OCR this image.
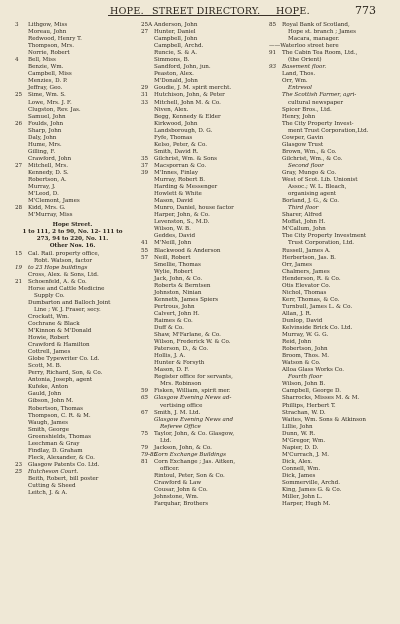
HOPE. STREET DIRECTORY. HOPE.	773
3 Lithgow, Miss
Moreau, John
Redwood, Henry T.
Thompson, Mrs.
Norrie, Robert
4 Bell, Miss
Benzie, Wm.
Campbell, Miss
Menzies, D. P.
Jeffray, Geo.
25 Sime, Wm. S.
Lowe, Mrs. J. F.
Clugston, Rev. Jas.
Samuel, John
26 Foulds, John
Sharp, John
Daly, John
Hume, Mrs.
Gilling, F.
Crawford, John
27 Mitchell, Mrs.
Kennedy, D. S.
Robertson, A.
Murray, J.
M'Leod, D.
M'Clemont, James
28 Kidd, Mrs. G.
M'Murray, Miss
Hope Street.
1 to 111, 2 to 90, No. 12- 111 to
273, 94 to 220, No. 11.
Other Nos. 16.
15 Cal. Rail. property office,
Robt. Watson, factor
19 to 23 Hope buildings
Cross, Alex. & Sons, Ltd.
21 Schoenfeld, A. & Co.
Horse and Cattle Medicine
Supply Co.
Dumbarton and Balloch Joint
Line ; W. J. Fraser, secy.
Crockatt, Wm.
Cochrane & Black
M'Kinnon & M'Donald
Howie, Robert
Crawford & Hamilton
Cottrell, James
Globe Typewriter Co. Ld.
Scott, M. B.
Perry, Richard, Son, & Co.
Antonia, Joseph, agent
Kufeke, Anton
Gauld, John
Gibson, John M.
Robertson, Thomas
Thompson, C. R. & M.
Waugh, James
Smith, George
Greenshields, Thomas
Leechman & Gray
Findlay, D. Graham
Fleck, Alexander, & Co.
23 Glasgow Patents Co. Ltd.
25 Hutcheson Court.
Beith, Robert, bill poster
Cutting & Sheed
Leitch, J. & A.
25A Anderson, John
27 Hunter, Daniel
Campbell, John
Campbell, Archd.
Runcie, S. & A.
Simmons, B.
Sandford, John, jun.
Peaston, Alex.
M'Donald, John
29 Goudie, J. M. spirit mercht.
31 Hutchison, John, & Peter
33 Mitchell, John M. & Co.
Niven, Alex.
Begg, Kennedy & Elder
Kirkwood, John
Landsborough, D. G.
Fyfe, Thomas
Kelso, Peter, & Co.
Smith, David R.
35 Gilchrist, Wm. & Sons
37 Macsporran & Co.
39 M'Innes, Finlay
Murray, Robert B.
Harding & Messenger
Howlett & White
Mason, David
Munro, Daniel, house factor
Harper, John, & Co.
Levenston, S., M.D.
Wilson, W. B.
Geddes, David
41 M'Neill, John
55 Blackwood & Anderson
57 Neill, Robert
Smellie, Thomas
Wylie, Robert
Jack, John, & Co.
Roberts & Berntsen
Johnston, Ninian
Kenneth, James Spiers
Pertrous, John
Calvert, John H.
Raimes & Co.
Duff & Co.
Shaw, M'Farlane, & Co.
Wilson, Frederick W. & Co.
Paterson, D., & Co.
Hollis, J. A.
Hunter & Forsyth
Mason, D. F.
Register office for servants,
Mrs. Robinson
59 Fisken, William, spirit mer.
65 Glasgow Evening News ad-
vertising office
67 Smith, J. M. Ltd.
Glasgow Evening News and
Referee Office
75 Taylor, John, & Co. Glasgow,
Ltd.
79 Jackson, John, & Co.
79-85Corn Exchange Buildings
81 Corn Exchange ; Jas. Aitken,
officer.
Rintoul, Peter, Son & Co.
Crawford & Law
Cousar, John & Co.
Johnstone, Wm.
Farquhar, Brothers
85 Royal Bank of Scotland,
Hope st. branch ; James
Macara, manager.
——Waterloo street here
91 The Cabin Tea Room, Ltd.,
(the Orient)
93 Basement floor.
Land, Thos.
Orr, Wm.
Entresol
The Scottish Farmer, agri-
cultural newspaper
Spicer Bros., Ltd.
Henry, John
The City Property Invest-
ment Trust Corporation,Ltd.
Cowper, Gavin
Glasgow Trust
Brown, Wm., & Co.
Gilchrist, Wm., & Co.
Second floor
Gray, Mungo & Co.
West of Scot. Lib. Unionist
Assoc.; W. L. Bleach,
organising agent
Borland, J. G., & Co.
Third floor
Sharer, Alfred
Moffat, John H.
M'Callum, John
The City Property Investment
Trust Corporation, Ltd.
Russell, James A.
Herbertson, Jas. B.
Orr, James
Chalmers, James
Henderson, R. & Co.
Otis Elevator Co.
Nichol, Thomas
Kerr, Thomas, & Co.
Turnbull, James L. & Co.
Allan, J. R.
Dunlop, David
Kelvinside Brick Co. Ltd.
Murray, W. G. G.
Reid, John
Robertson, John
Broom, Thos. M.
Watson & Co.
Alloa Glass Works Co.
Fourth floor
Wilson, John B.
Campbell, George D.
Sharrocks, Misses M. & M.
Phillips, Herbert T.
Strachan, W. D.
Waites, Wm. Sons & Atkinson
Lillie, John
Dunn, W. R.
M'Gregor, Wm.
Napier, D. D.
M'Currach, J. M.
Dick, Alex.
Connell, Wm.
Dick, James
Sommerville, Archd.
King, James G. & Co.
Miller, John L.
Harper, Hugh M.
